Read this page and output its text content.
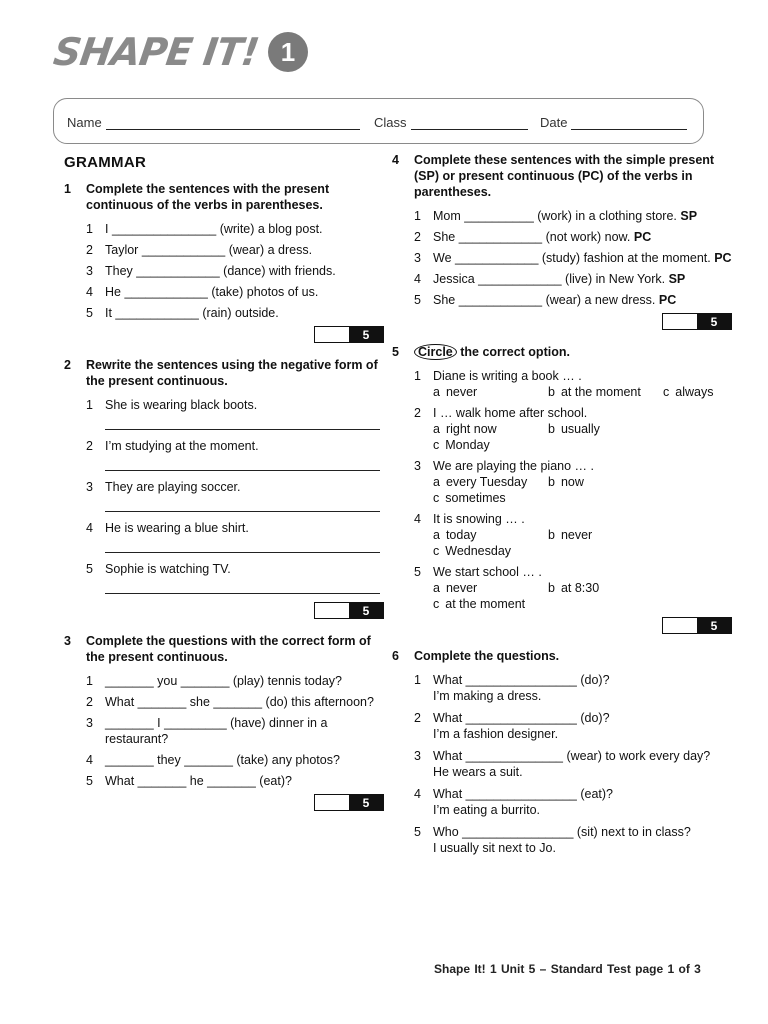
SHAPE IT! 1
Name	Class	Date
GRAMMAR
1	Complete the sentences with the present continuous of the verbs in parentheses.
1 I _______________ (write) a blog post.
2 Taylor ____________ (wear) a dress.
3 They ____________ (dance) with friends.
4 He ____________ (take) photos of us.
5 It ____________ (rain) outside.
5
2	Rewrite the sentences using the negative form of the present continuous.
1 She is wearing black boots.
2 I’m studying at the moment.
3 They are playing soccer.
4 He is wearing a blue shirt.
5 Sophie is watching TV.
5
3	Complete the questions with the correct form of the present continuous.
1 _______ you _______ (play) tennis today?
2 What _______ she _______ (do) this afternoon?
3 _______ I _________ (have) dinner in a restaurant?
4 _______ they _______ (take) any photos?
5 What _______ he _______ (eat)?
5
4	Complete these sentences with the simple present (SP) or present continuous (PC) of the verbs in parentheses.
1 Mom __________ (work) in a clothing store. SP
2 She ____________ (not work) now. PC
3 We ____________ (study) fashion at the moment. PC
4 Jessica ____________ (live) in New York. SP
5 She ____________ (wear) a new dress. PC
5
5	Circle the correct option.
1 Diane is writing a book … .
a never	b at the moment	c always
2 I … walk home after school.
a right now	b usually
c Monday
3 We are playing the piano … .
a every Tuesday	b now
c sometimes
4 It is snowing … .
a today	b never
c Wednesday
5 We start school … .
a never	b at 8:30
c at the moment
5
6	Complete the questions.
1 What ________________ (do)?
I’m making a dress.
2 What ________________ (do)?
I’m a fashion designer.
3 What ______________ (wear) to work every day?
He wears a suit.
4 What ________________ (eat)?
I’m eating a burrito.
5 Who ________________ (sit) next to in class?
I usually sit next to Jo.
Shape It! 1 Unit 5 – Standard Test page 1 of 3
